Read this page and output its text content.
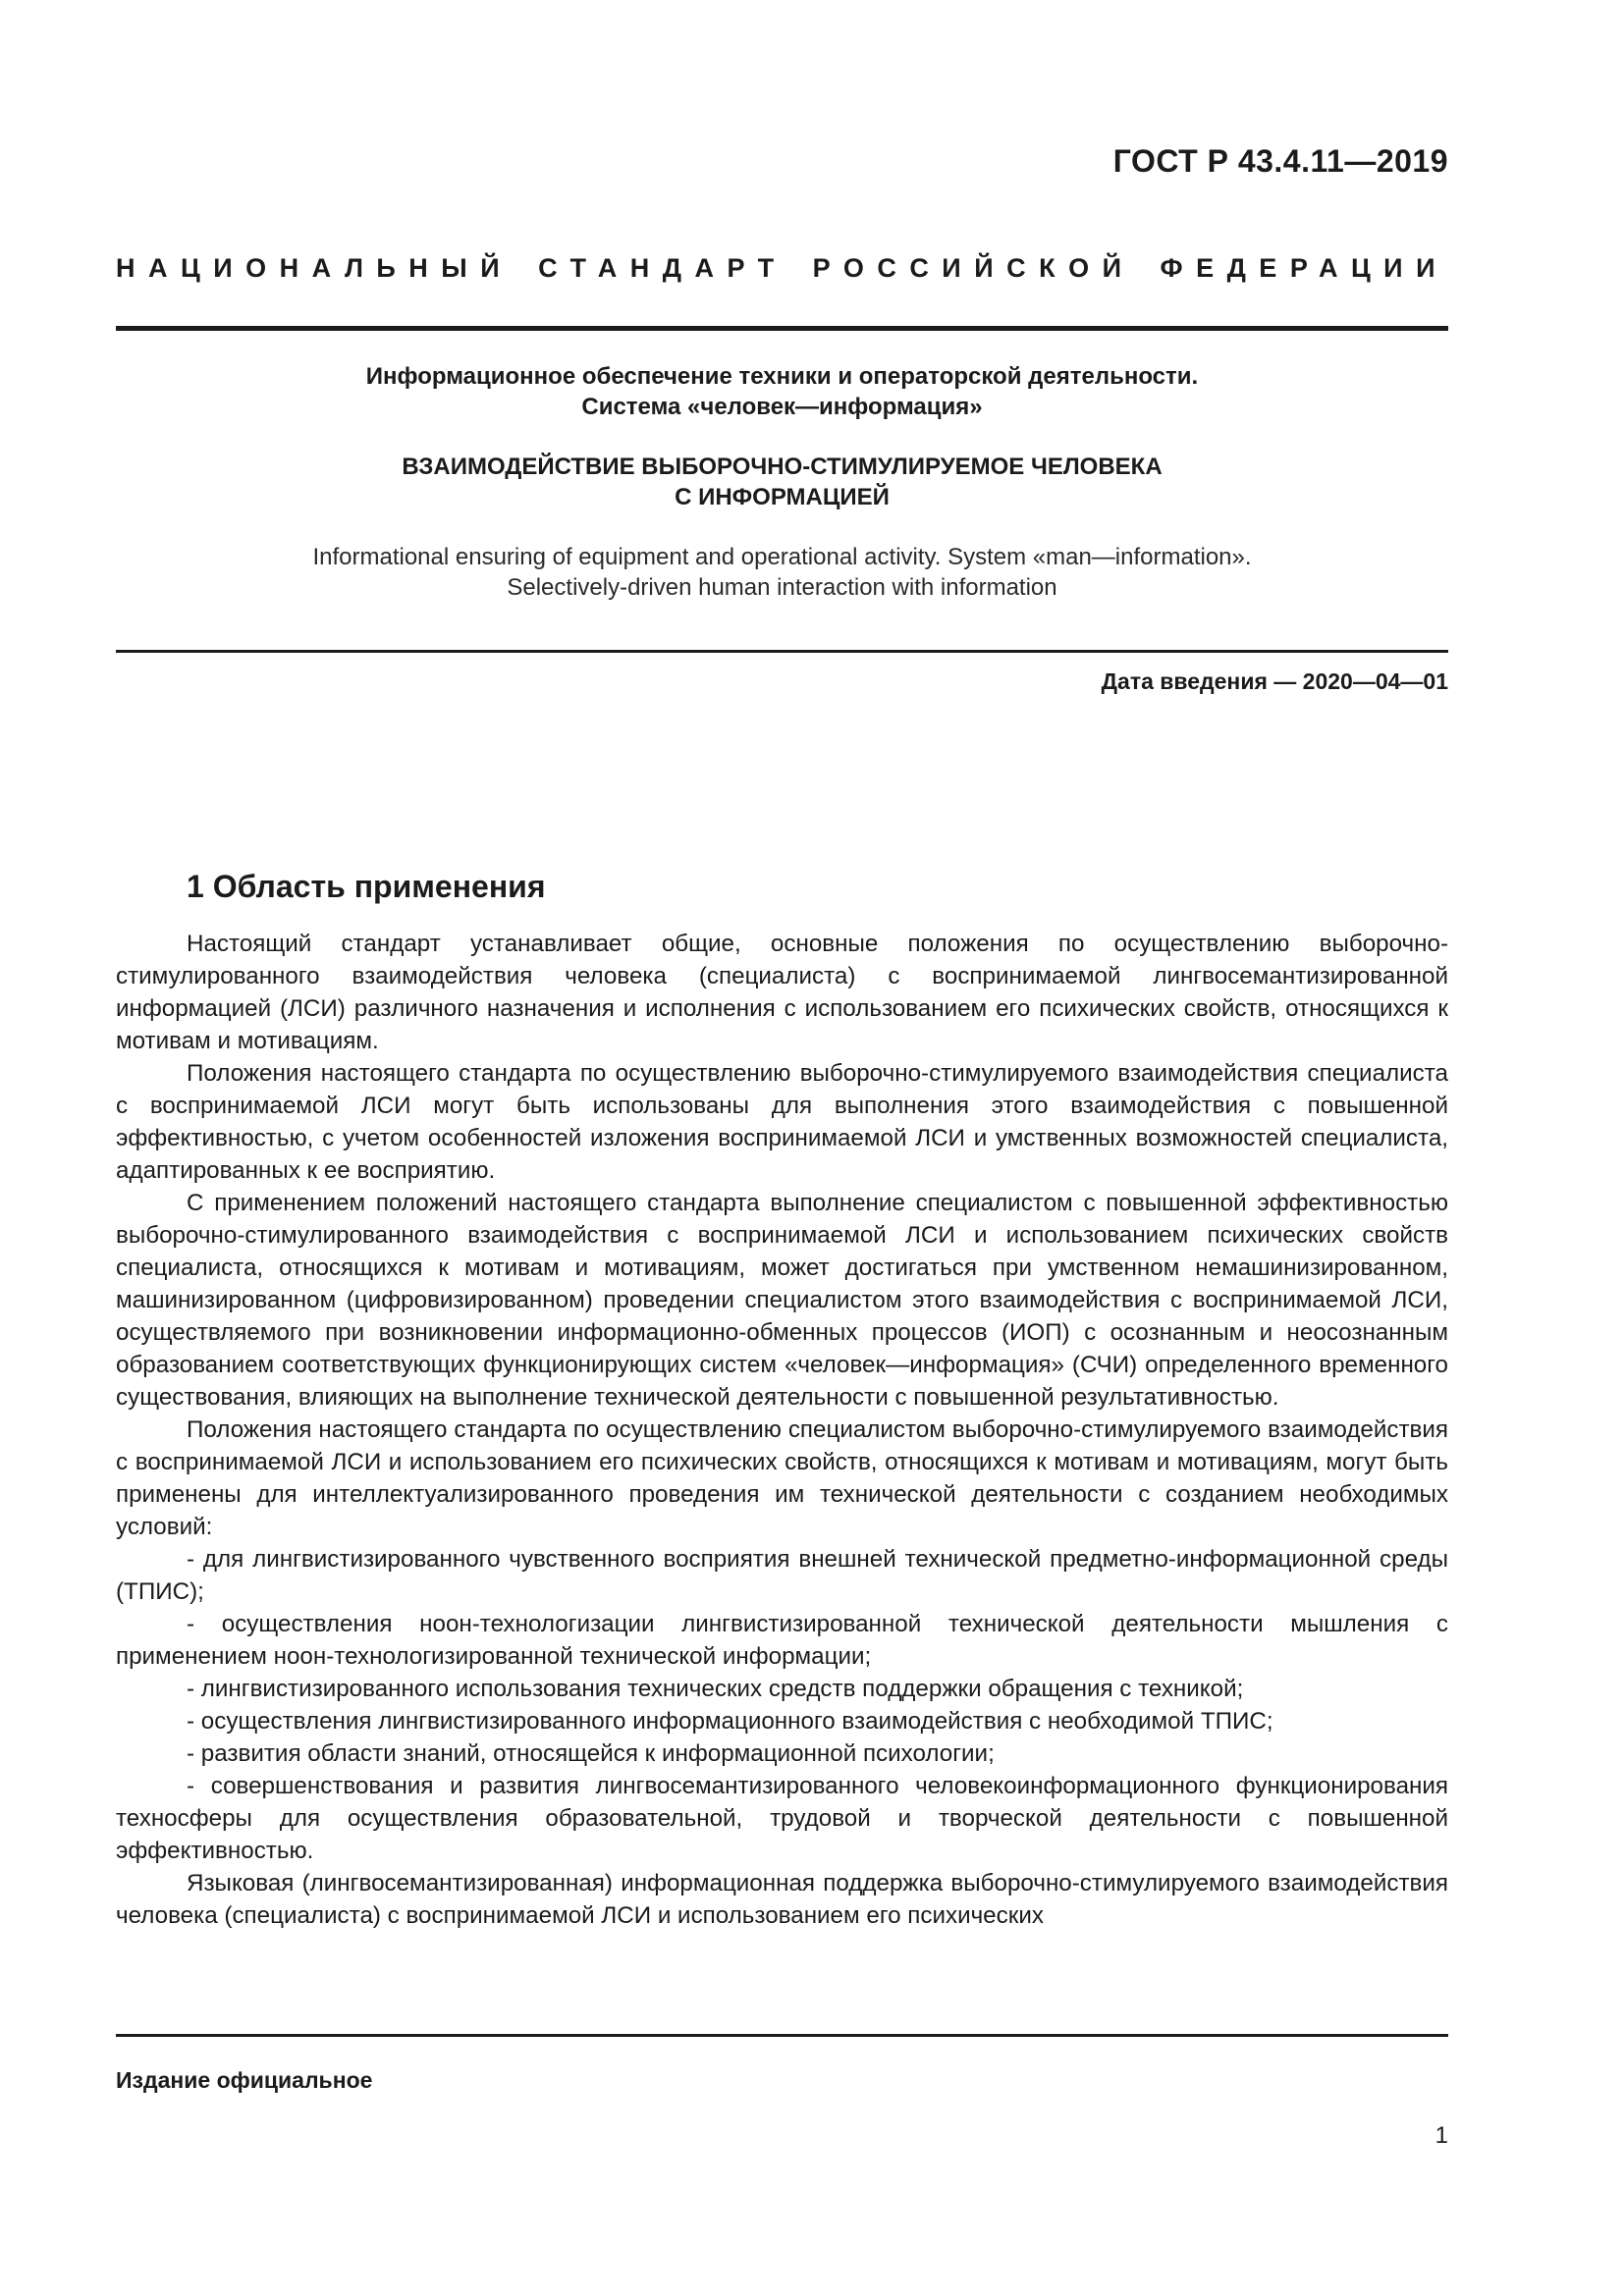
ГОСТ Р 43.4.11—2019
НАЦИОНАЛЬНЫЙ СТАНДАРТ РОССИЙСКОЙ ФЕДЕРАЦИИ

Информационное обеспечение техники и операторской деятельности.

Система «человек—информация»

ВЗАИМОДЕЙСТВИЕ ВЫБОРОЧНО-СТИМУЛИРУЕМОЕ ЧЕЛОВЕКА

С ИНФОРМАЦИЕЙ

Informational ensuring of equipment and operational activity. System «man—information».

Selectively-driven human interaction with information

Дата введения — 2020—04—01
1 Область применения

Настоящий стандарт устанавливает общие, основные положения по осуществлению выборочно-стимулированного взаимодействия человека (специалиста) с воспринимаемой лингвосемантизированной информацией (ЛСИ) различного назначения и исполнения с использованием его психических свойств, относящихся к мотивам и мотивациям.

Положения настоящего стандарта по осуществлению выборочно-стимулируемого взаимодействия специалиста с воспринимаемой ЛСИ могут быть использованы для выполнения этого взаимодействия с повышенной эффективностью, с учетом особенностей изложения воспринимаемой ЛСИ и умственных возможностей специалиста, адаптированных к ее восприятию.

С применением положений настоящего стандарта выполнение специалистом с повышенной эффективностью выборочно-стимулированного взаимодействия с воспринимаемой ЛСИ и использованием психических свойств специалиста, относящихся к мотивам и мотивациям, может достигаться при умственном немашинизированном, машинизированном (цифровизированном) проведении специалистом этого взаимодействия с воспринимаемой ЛСИ, осуществляемого при возникновении информационно-обменных процессов (ИОП) с осознанным и неосознанным образованием соответствующих функционирующих систем «человек—информация» (СЧИ) определенного временного существования, влияющих на выполнение технической деятельности с повышенной результативностью.

Положения настоящего стандарта по осуществлению специалистом выборочно-стимулируемого взаимодействия с воспринимаемой ЛСИ и использованием его психических свойств, относящихся к мотивам и мотивациям, могут быть применены для интеллектуализированного проведения им технической деятельности с созданием необходимых условий:

- для лингвистизированного чувственного восприятия внешней технической предметно-информационной среды (ТПИС);

- осуществления ноон-технологизации лингвистизированной технической деятельности мышления с применением ноон-технологизированной технической информации;

- лингвистизированного использования технических средств поддержки обращения с техникой;

- осуществления лингвистизированного информационного взаимодействия с необходимой ТПИС;

- развития области знаний, относящейся к информационной психологии;

- совершенствования и развития лингвосемантизированного человекоинформационного функционирования техносферы для осуществления образовательной, трудовой и творческой деятельности с повышенной эффективностью.

Языковая (лингвосемантизированная) информационная поддержка выборочно-стимулируемого взаимодействия человека (специалиста) с воспринимаемой ЛСИ и использованием его психических

Издание официальное
1
